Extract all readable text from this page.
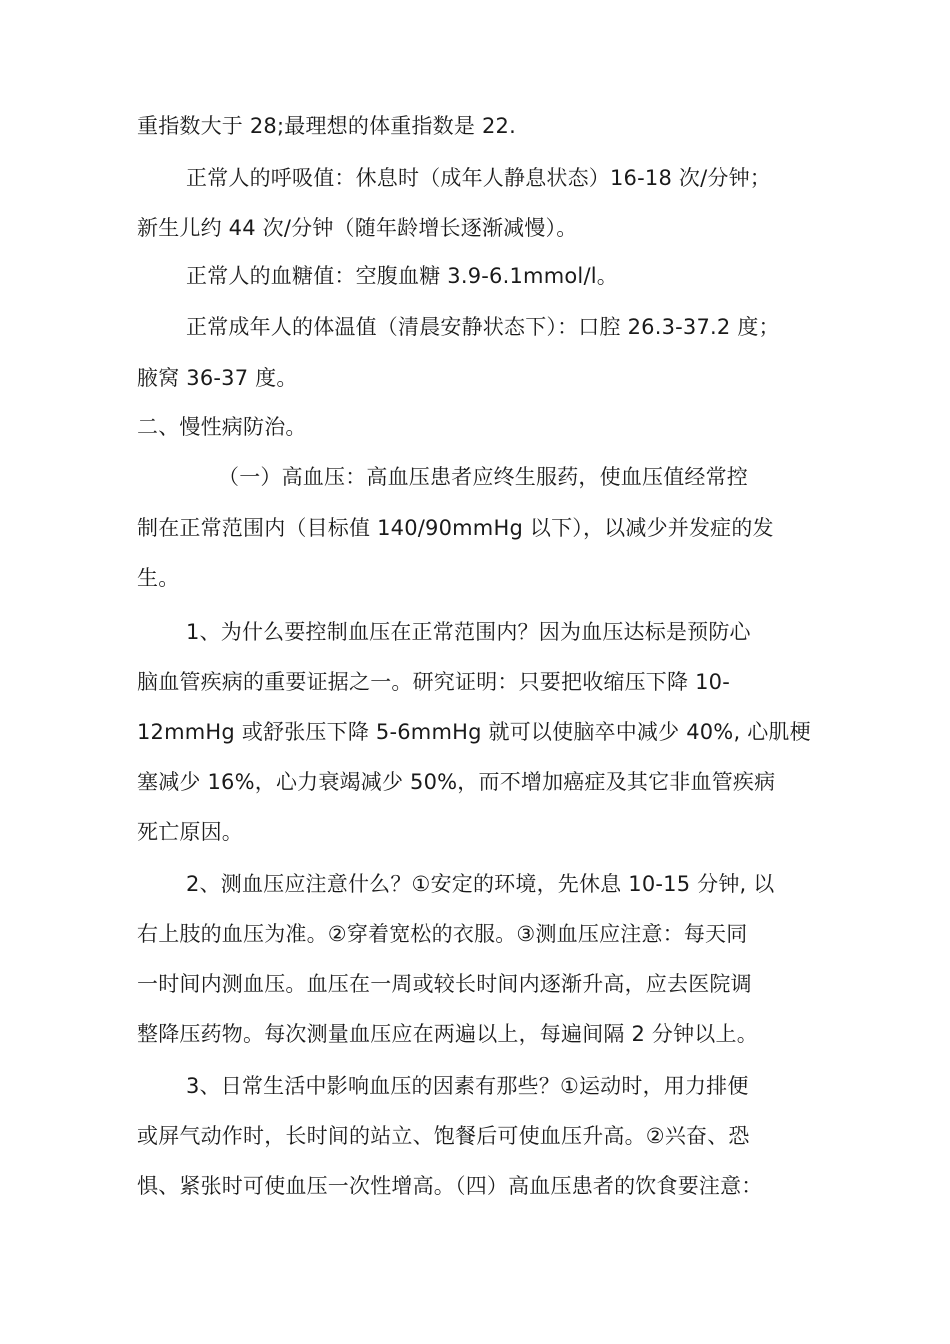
重指数大于 28;最理想的体重指数是 22.
正常人的呼吸值：休息时（成年人静息状态）16-18 次/分钟；
新生儿约 44 次/分钟（随年龄增长逐渐减慢）。
正常人的血糖值：空腹血糖 3.9-6.1mmol/l。
正常成年人的体温值（清晨安静状态下）：口腔 26.3-37.2 度；
腋窝 36-37 度。
二、慢性病防治。
（一）高血压：高血压患者应终生服药，使血压值经常控
制在正常范围内（目标值 140/90mmHg 以下），以减少并发症的发
生。
1、为什么要控制血压在正常范围内？因为血压达标是预防心
脑血管疾病的重要证据之一。研究证明：只要把收缩压下降 10-
12mmHg 或舒张压下降 5-6mmHg 就可以使脑卒中减少 40%, 心肌梗
塞减少 16%，心力衰竭减少 50%，而不增加癌症及其它非血管疾病
死亡原因。
2、测血压应注意什么？①安定的环境，先休息 10-15 分钟, 以
右上肢的血压为准。②穿着宽松的衣服。③测血压应注意：每天同
一时间内测血压。血压在一周或较长时间内逐渐升高，应去医院调
整降压药物。每次测量血压应在两遍以上，每遍间隔 2 分钟以上。
3、日常生活中影响血压的因素有那些？①运动时，用力排便
或屏气动作时，长时间的站立、饱餐后可使血压升高。②兴奋、恐
惧、紧张时可使血压一次性增高。（四）高血压患者的饮食要注意：
